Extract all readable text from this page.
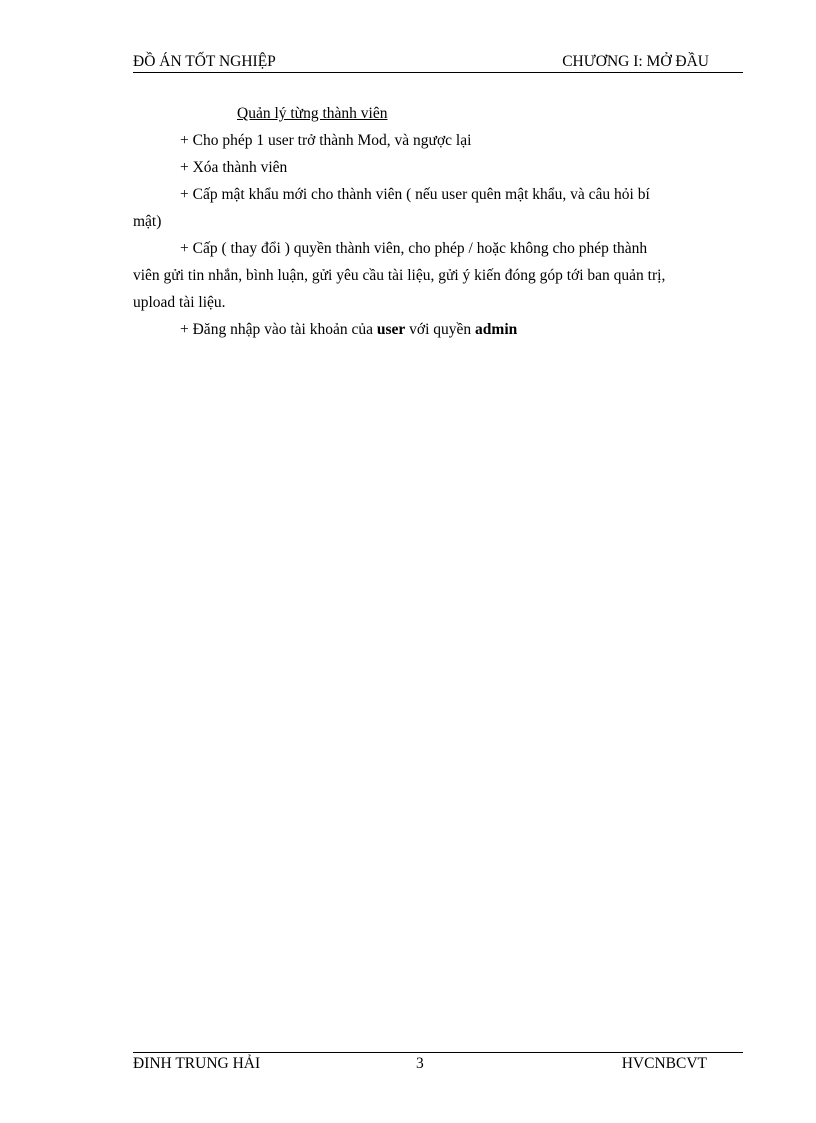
ĐỒ ÁN TỐT NGHIỆP	CHƯƠNG I: MỞ ĐẦU
Quản lý từng thành viên
+ Cho phép 1 user trở thành Mod, và ngược lại
+ Xóa thành viên
+ Cấp mật khẩu mới cho thành viên ( nếu user quên mật khẩu, và câu hỏi bí
mật)
+ Cấp ( thay đổi ) quyền thành viên, cho phép / hoặc không cho phép thành
viên gửi tin nhắn, bình luận, gửi yêu cầu tài liệu, gửi ý kiến đóng góp tới ban quản trị,
upload tài liệu.
+ Đăng nhập vào tài khoản của user với quyền admin
ĐINH TRUNG HẢI	3	HVCNBCVT
